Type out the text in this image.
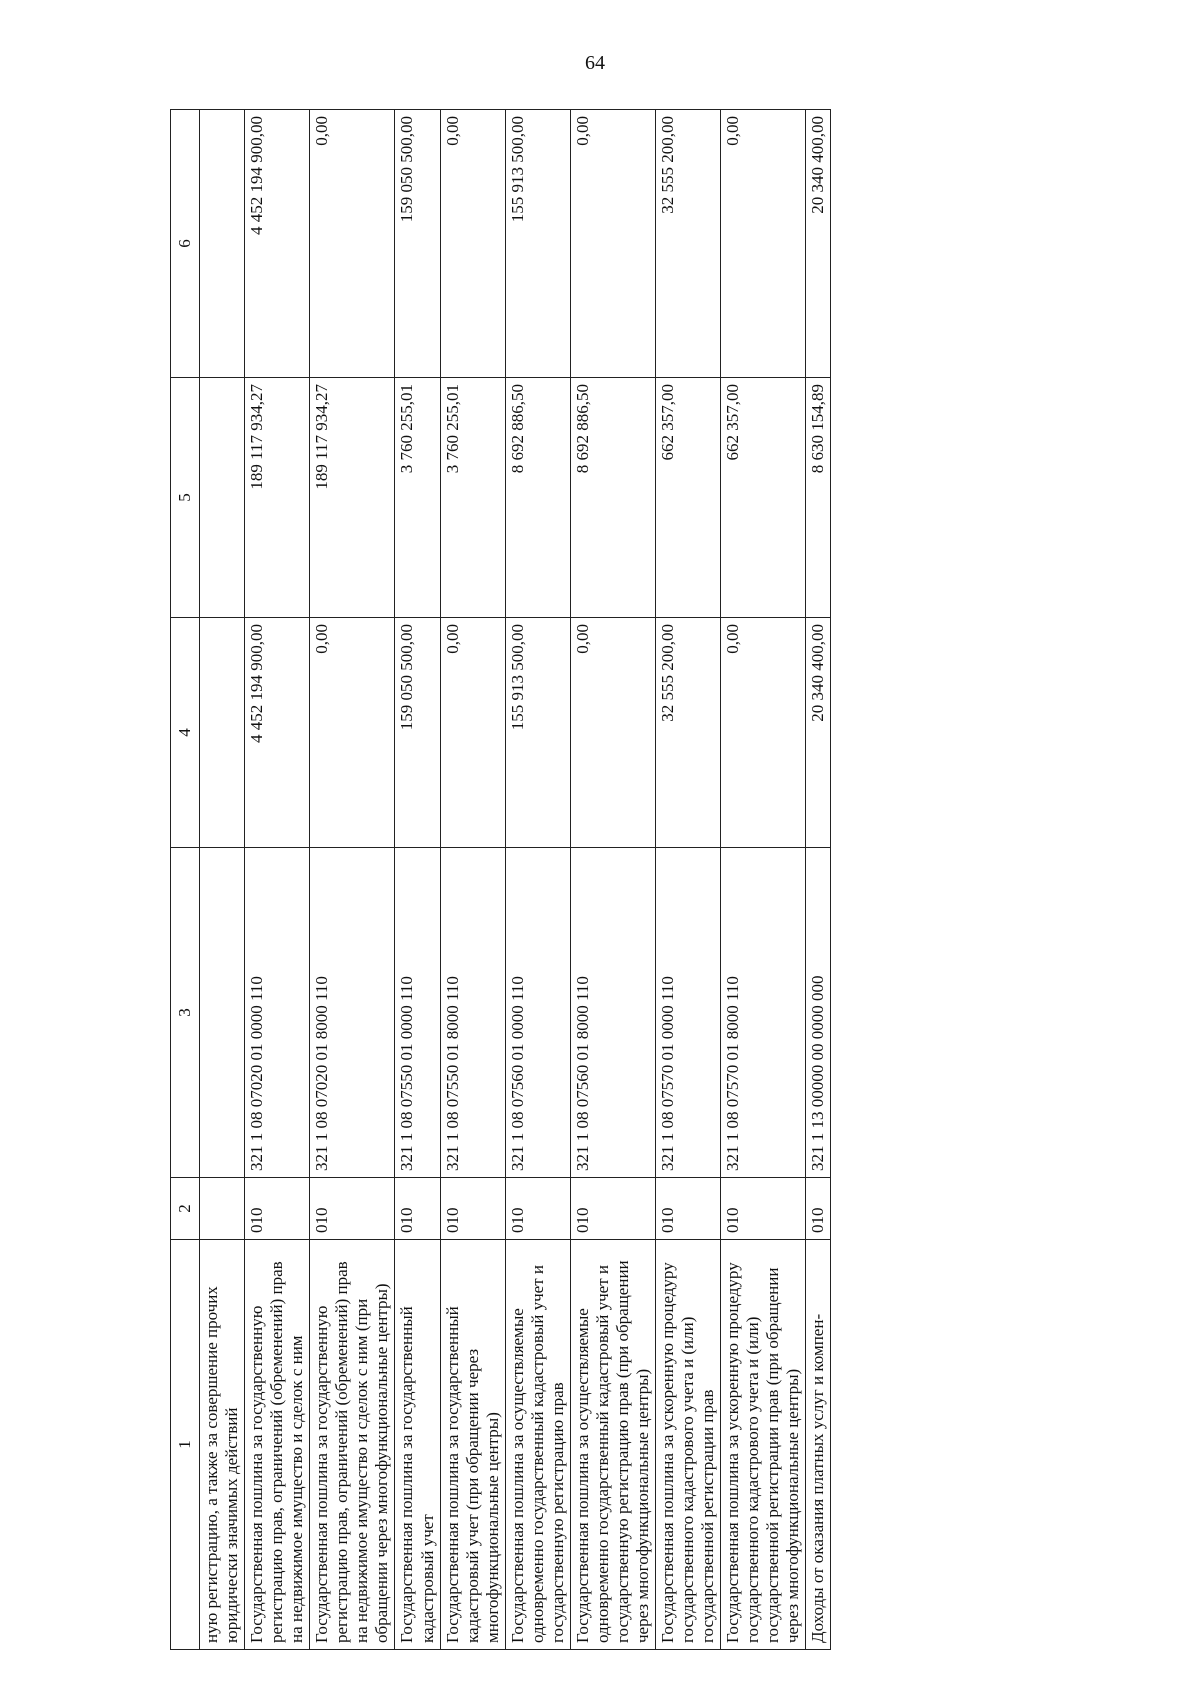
64
1	2	3	4	5	6
ную регистрацию, а также за совершение прочих юридически значимых действий					
Государственная пошлина за государственную регистрацию прав, ограничений (обременений) прав на недвижимое имущество и сделок с ним	010	321 1 08 07020 01 0000 110	4 452 194 900,00	189 117 934,27	4 452 194 900,00
Государственная пошлина за государственную регистрацию прав, ограничений (обременений) прав на недвижимое имущество и сделок с ним (при обращении через многофункциональные центры)	010	321 1 08 07020 01 8000 110	0,00	189 117 934,27	0,00
Государственная пошлина за государственный кадастровый учет	010	321 1 08 07550 01 0000 110	159 050 500,00	3 760 255,01	159 050 500,00
Государственная пошлина за государственный кадастровый учет (при обращении через многофункциональные центры)	010	321 1 08 07550 01 8000 110	0,00	3 760 255,01	0,00
Государственная пошлина за осуществляемые одновременно государственный кадастровый учет и государственную регистрацию прав	010	321 1 08 07560 01 0000 110	155 913 500,00	8 692 886,50	155 913 500,00
Государственная пошлина за осуществляемые одновременно государственный кадастровый учет и государственную регистрацию прав (при обращении через многофункциональные центры)	010	321 1 08 07560 01 8000 110	0,00	8 692 886,50	0,00
Государственная пошлина за ускоренную процедуру государственного кадастрового учета и (или) государственной регистрации прав	010	321 1 08 07570 01 0000 110	32 555 200,00	662 357,00	32 555 200,00
Государственная пошлина за ускоренную процедуру государственного кадастрового учета и (или) государственной регистрации прав (при обращении через многофункциональные центры)	010	321 1 08 07570 01 8000 110	0,00	662 357,00	0,00
Доходы от оказания платных услуг и компен-	010	321 1 13 00000 00 0000 000	20 340 400,00	8 630 154,89	20 340 400,00
